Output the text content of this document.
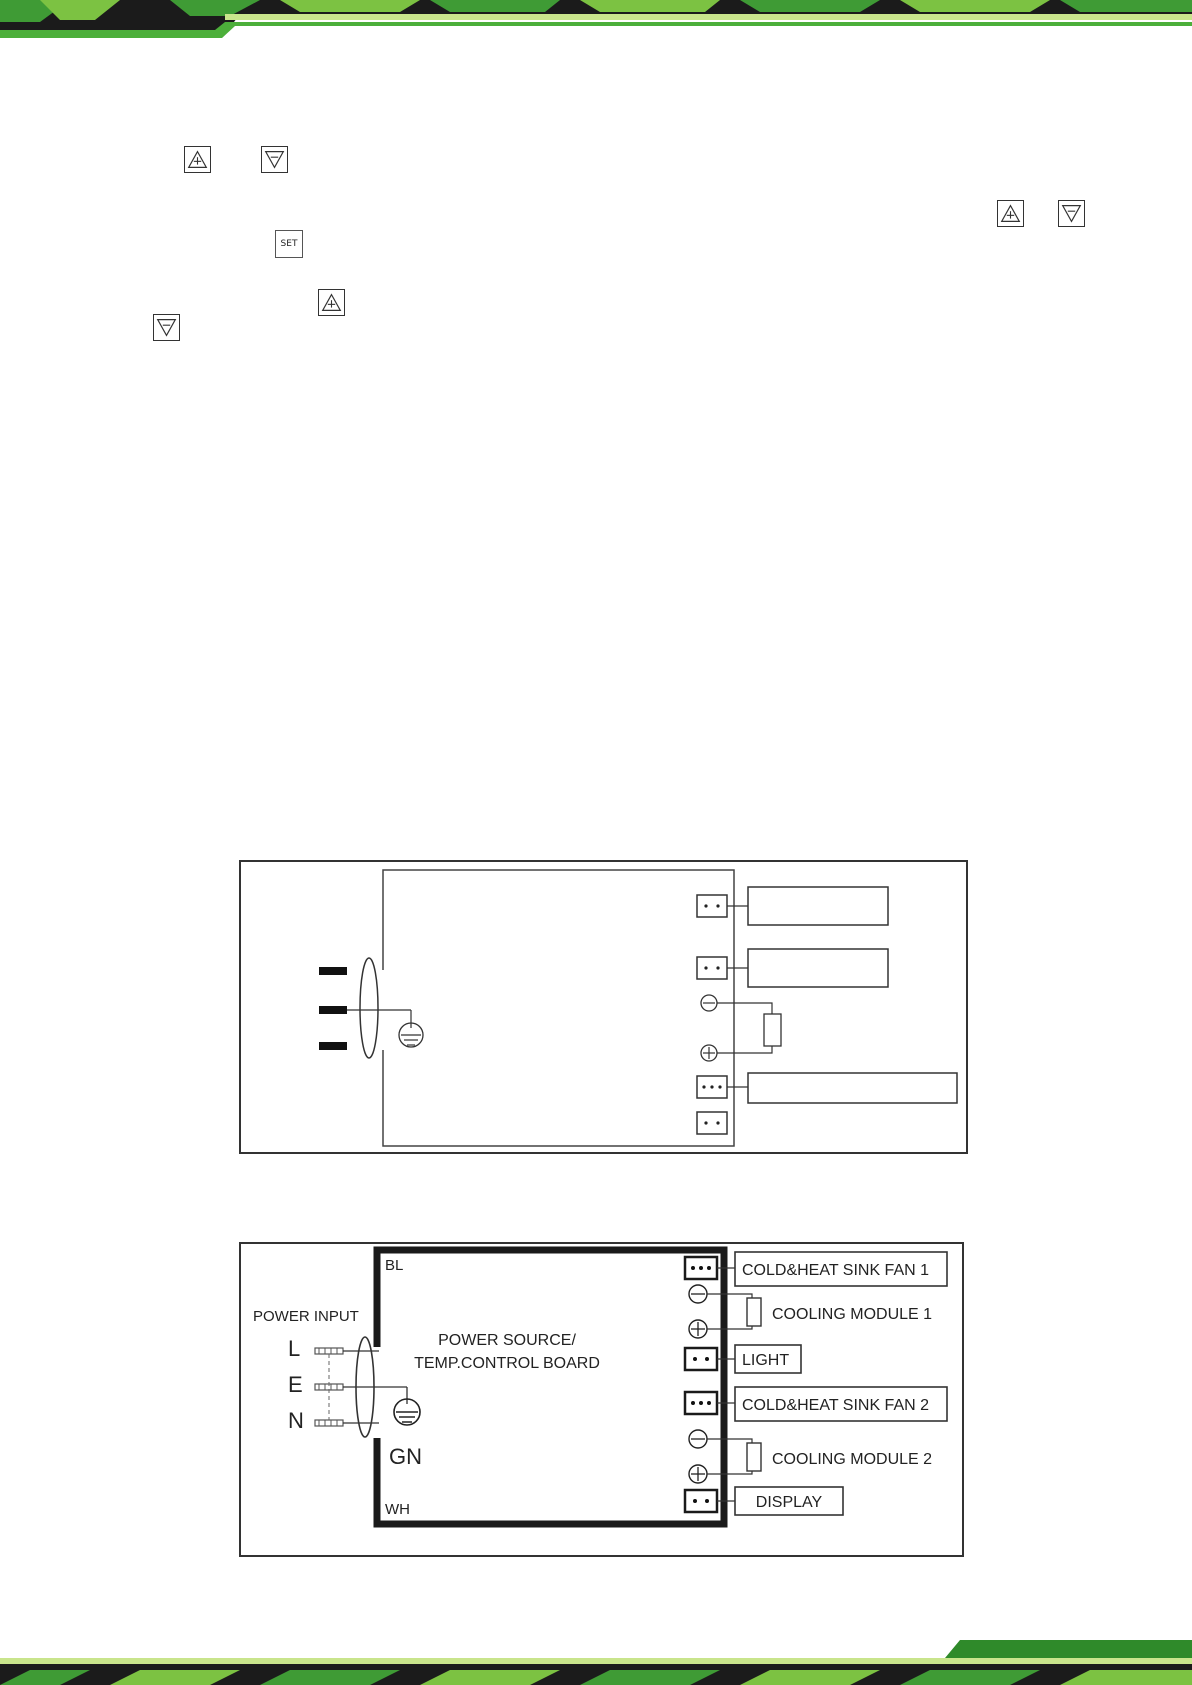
SET
POWER INPUT
L
E
N
BL
WH
GN
POWER SOURCE/
TEMP.CONTROL BOARD
COLD&HEAT SINK FAN 1
COOLING MODULE 1
LIGHT
COLD&HEAT SINK FAN 2
COOLING MODULE 2
DISPLAY
